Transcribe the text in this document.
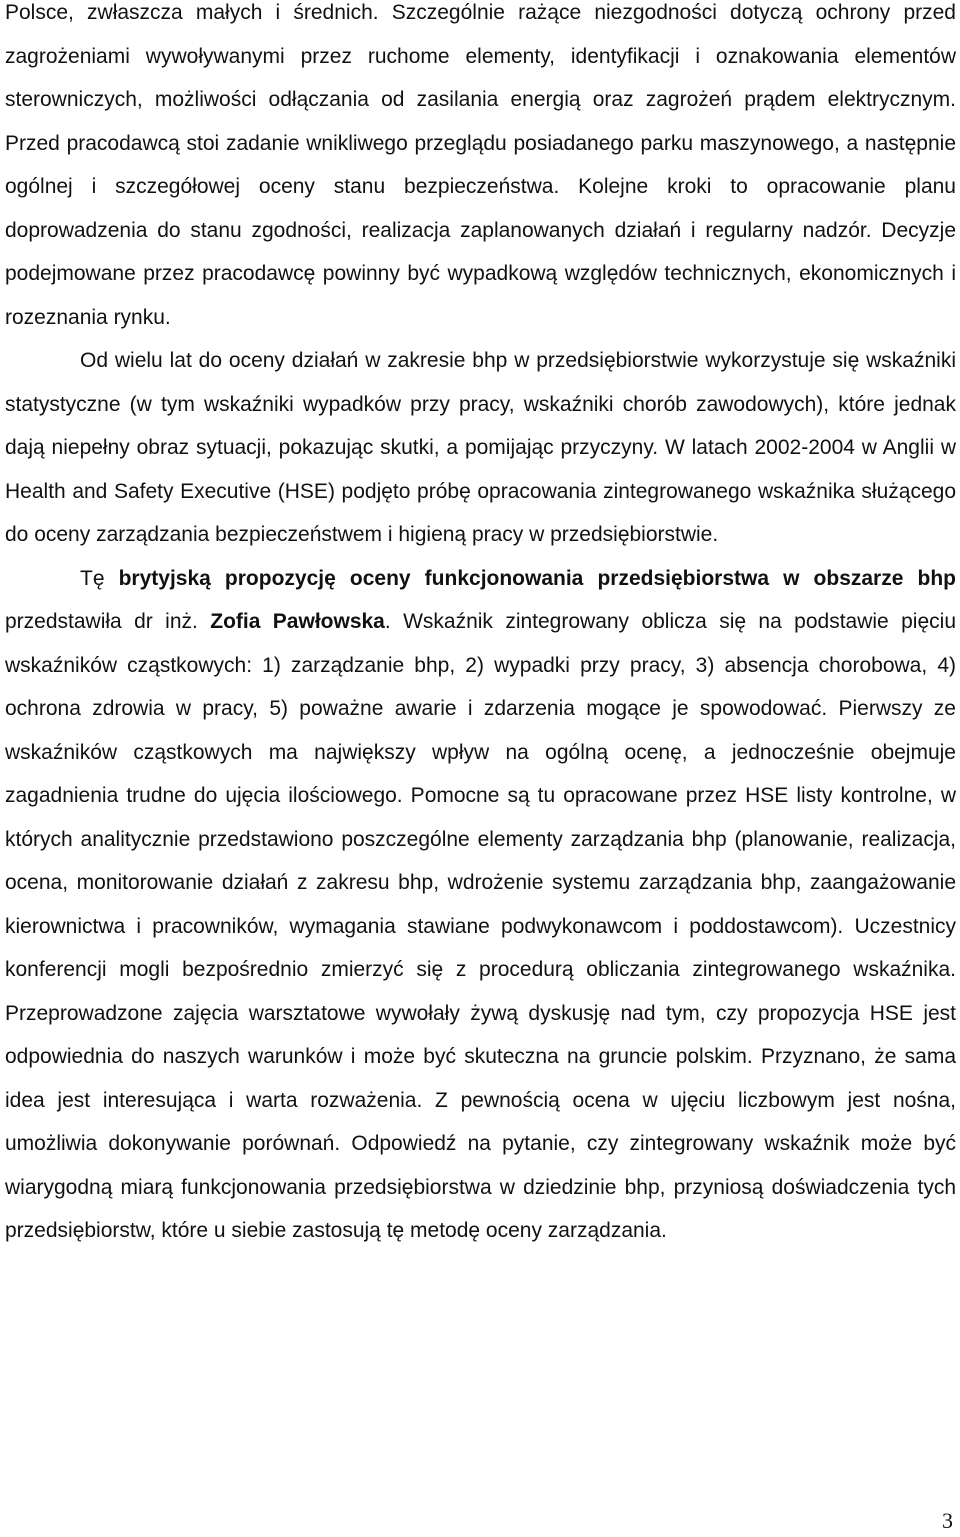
Polsce, zwłaszcza małych i średnich. Szczególnie rażące niezgodności dotyczą ochrony przed zagrożeniami wywoływanymi przez ruchome elementy, identyfikacji i oznakowania elementów sterowniczych, możliwości odłączania od zasilania energią oraz zagrożeń prądem elektrycznym. Przed pracodawcą stoi zadanie wnikliwego przeglądu posiadanego parku maszynowego, a następnie ogólnej i szczegółowej oceny stanu bezpieczeństwa. Kolejne kroki to opracowanie planu doprowadzenia do stanu zgodności, realizacja zaplanowanych działań i regularny nadzór. Decyzje podejmowane przez pracodawcę powinny być wypadkową względów technicznych, ekonomicznych i rozeznania rynku.

Od wielu lat do oceny działań w zakresie bhp w przedsiębiorstwie wykorzystuje się wskaźniki statystyczne (w tym wskaźniki wypadków przy pracy, wskaźniki chorób zawodowych), które jednak dają niepełny obraz sytuacji, pokazując skutki, a pomijając przyczyny. W latach 2002-2004 w Anglii w Health and Safety Executive (HSE) podjęto próbę opracowania zintegrowanego wskaźnika służącego do oceny zarządzania bezpieczeństwem i higieną pracy w przedsiębiorstwie.

Tę brytyjską propozycję oceny funkcjonowania przedsiębiorstwa w obszarze bhp przedstawiła dr inż. Zofia Pawłowska. Wskaźnik zintegrowany oblicza się na podstawie pięciu wskaźników cząstkowych: 1) zarządzanie bhp, 2) wypadki przy pracy, 3) absencja chorobowa, 4) ochrona zdrowia w pracy, 5) poważne awarie i zdarzenia mogące je spowodować. Pierwszy ze wskaźników cząstkowych ma największy wpływ na ogólną ocenę, a jednocześnie obejmuje zagadnienia trudne do ujęcia ilościowego. Pomocne są tu opracowane przez HSE listy kontrolne, w których analitycznie przedstawiono poszczególne elementy zarządzania bhp (planowanie, realizacja, ocena, monitorowanie działań z zakresu bhp, wdrożenie systemu zarządzania bhp, zaangażowanie kierownictwa i pracowników, wymagania stawiane podwykonawcom i poddostawcom). Uczestnicy konferencji mogli bezpośrednio zmierzyć się z procedurą obliczania zintegrowanego wskaźnika. Przeprowadzone zajęcia warsztatowe wywołały żywą dyskusję nad tym, czy propozycja HSE jest odpowiednia do naszych warunków i może być skuteczna na gruncie polskim. Przyznano, że sama idea jest interesująca i warta rozważenia. Z pewnością ocena w ujęciu liczbowym jest nośna, umożliwia dokonywanie porównań. Odpowiedź na pytanie, czy zintegrowany wskaźnik może być wiarygodną miarą funkcjonowania przedsiębiorstwa w dziedzinie bhp, przyniosą doświadczenia tych przedsiębiorstw, które u siebie zastosują tę metodę oceny zarządzania.

3
